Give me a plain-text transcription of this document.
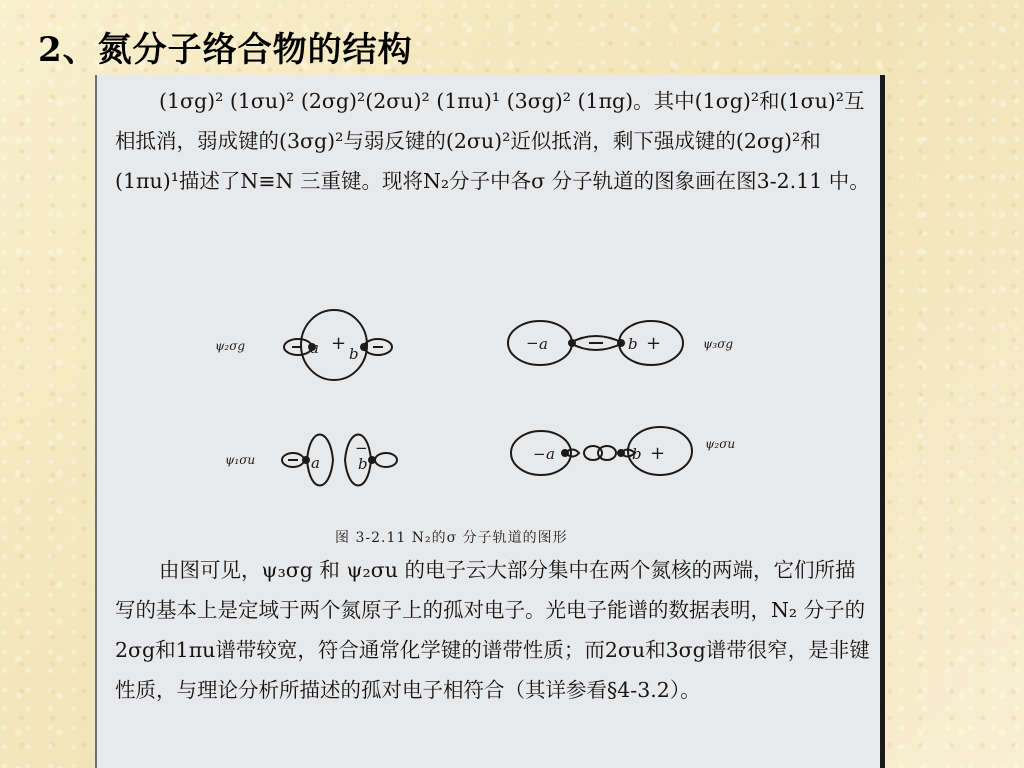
2、氮分子络合物的结构

(1σg)² (1σu)² (2σg)²(2σu)² (1πu)¹ (3σg)² (1πg)。其中(1σg)²和(1σu)²互相抵消，弱成键的(3σg)²与弱反键的(2σu)²近似抵消，剩下强成键的(2σg)²和(1πu)¹描述了N≡N 三重键。现将N₂分子中各σ 分子轨道的图象画在图3-2.11 中。

a + b
− a	b +
a
−
b
− a	b +
ψ₂σg	ψ₃σg
ψ₁σu
ψ₂σu
图 3-2.11 N₂的σ 分子轨道的图形

由图可见，ψ₃σg 和 ψ₂σu 的电子云大部分集中在两个氮核的两端，它们所描写的基本上是定域于两个氮原子上的孤对电子。光电子能谱的数据表明，N₂ 分子的2σg和1πu谱带较宽，符合通常化学键的谱带性质；而2σu和3σg谱带很窄，是非键性质，与理论分析所描述的孤对电子相符合（其详参看§4-3.2）。
